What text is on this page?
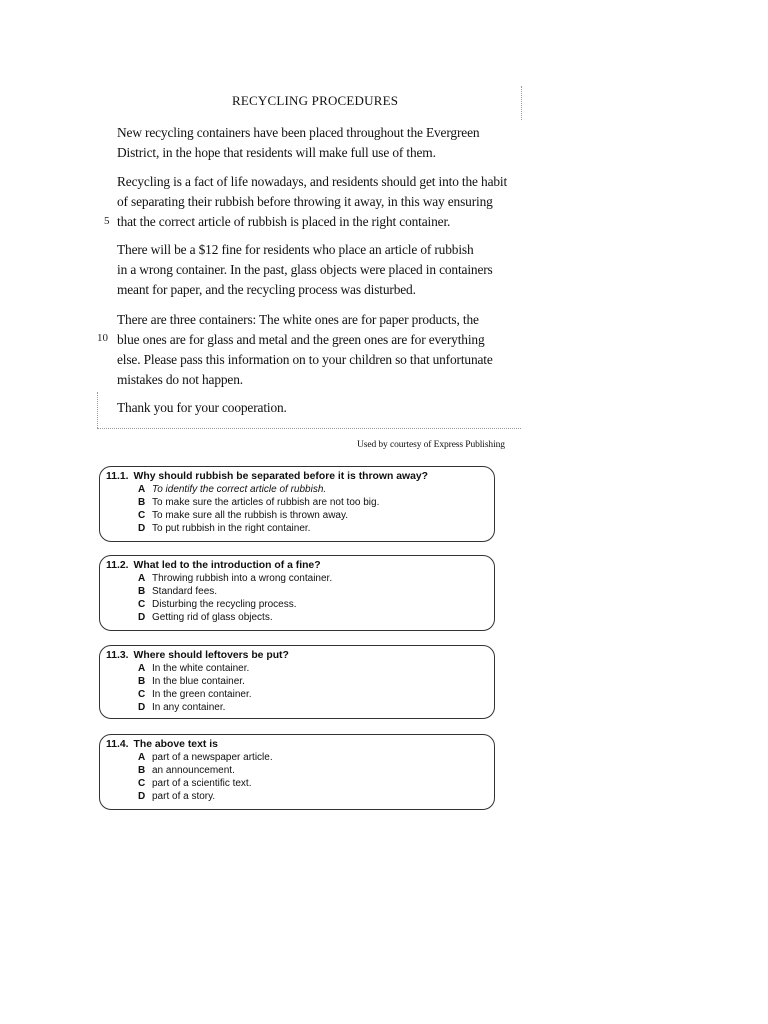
RECYCLING PROCEDURES

New recycling containers have been placed throughout the Evergreen
District, in the hope that residents will make full use of them.

Recycling is a fact of life nowadays, and residents should get into the habit
of separating their rubbish before throwing it away, in this way ensuring
that the correct article of rubbish is placed in the right container.

5

There will be a $12 fine for residents who place an article of rubbish
in a wrong container. In the past, glass objects were placed in containers
meant for paper, and the recycling process was disturbed.

There are three containers: The white ones are for paper products, the
blue ones are for glass and metal and the green ones are for everything
else. Please pass this information on to your children so that unfortunate
mistakes do not happen.

10

Thank you for your cooperation.

Used by courtesy of Express Publishing
11.1. Why should rubbish be separated before it is thrown away?
A To identify the correct article of rubbish.
B To make sure the articles of rubbish are not too big.
C To make sure all the rubbish is thrown away.
D To put rubbish in the right container.
11.2. What led to the introduction of a fine?
A Throwing rubbish into a wrong container.
B Standard fees.
C Disturbing the recycling process.
D Getting rid of glass objects.
11.3. Where should leftovers be put?
A In the white container.
B In the blue container.
C In the green container.
D In any container.
11.4. The above text is
A part of a newspaper article.
B an announcement.
C part of a scientific text.
D part of a story.
